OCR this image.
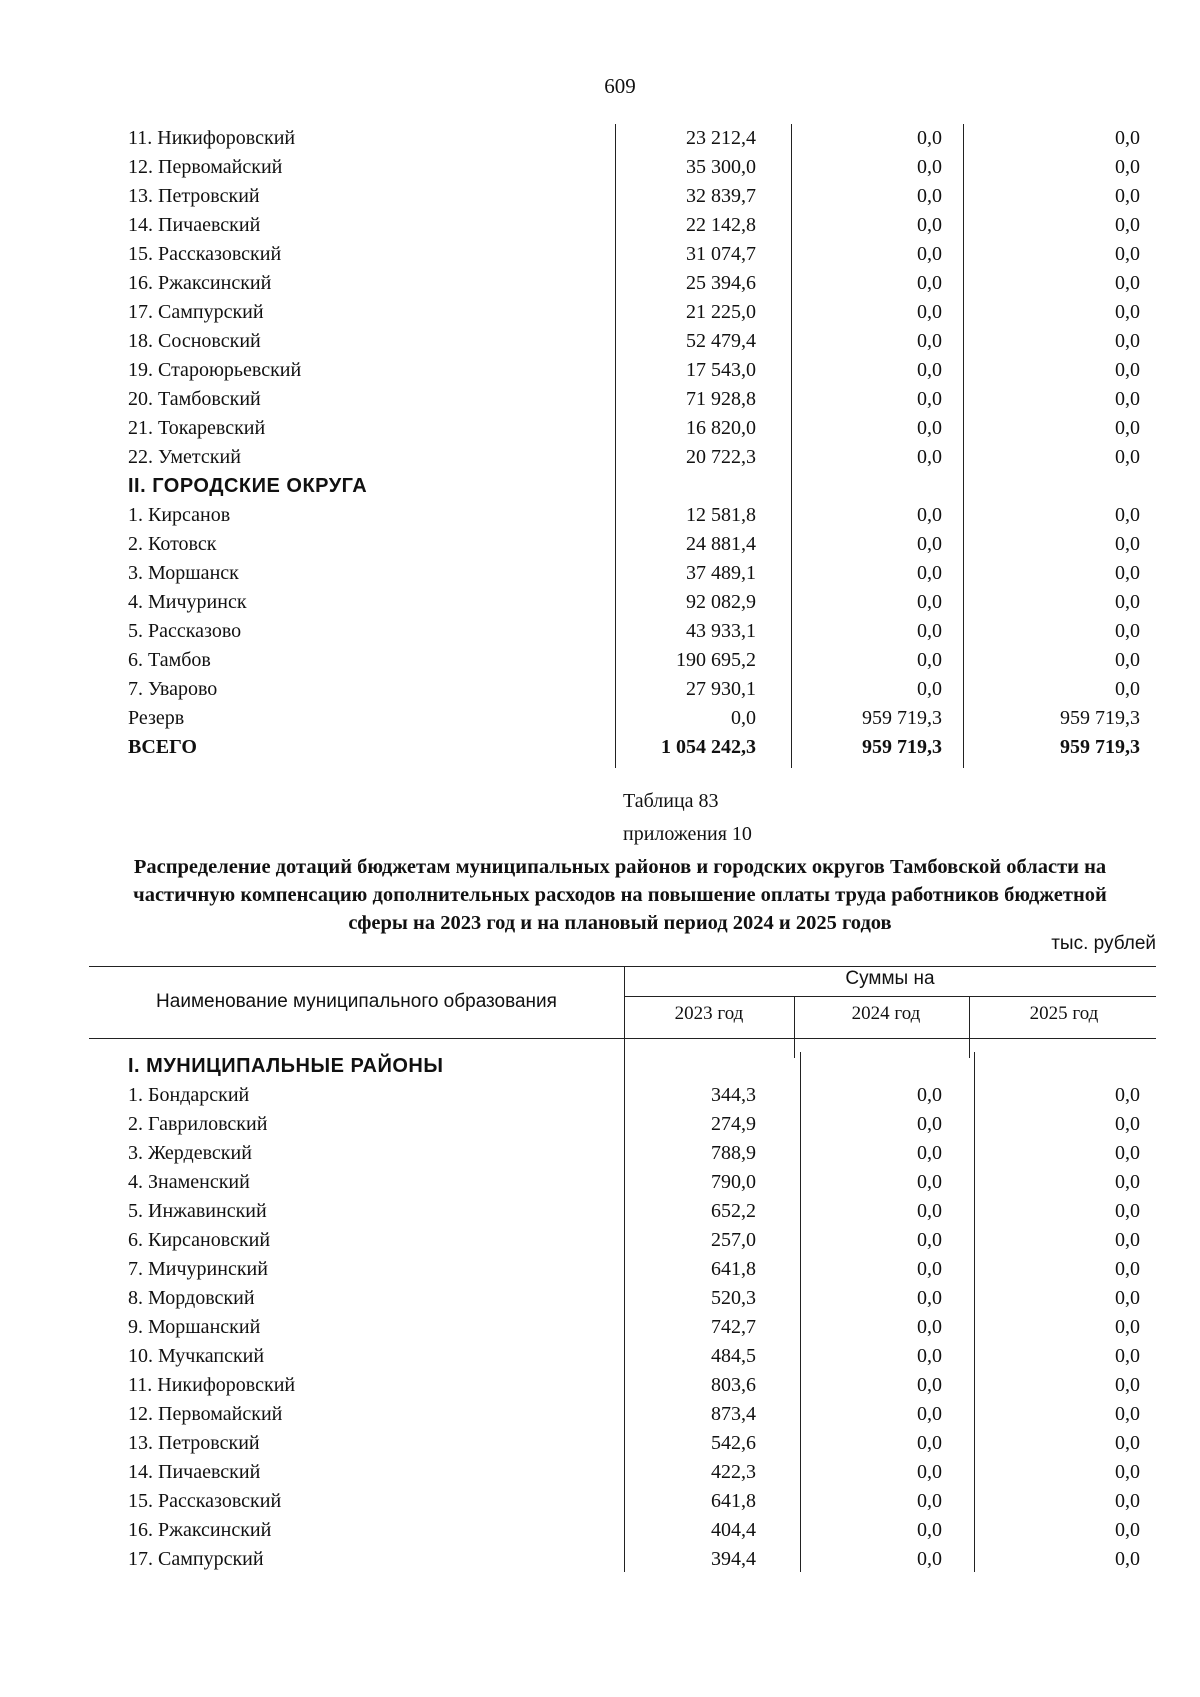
609
11. Никифоровский	23 212,4	0,0	0,0
12. Первомайский	35 300,0	0,0	0,0
13. Петровский	32 839,7	0,0	0,0
14. Пичаевский	22 142,8	0,0	0,0
15. Рассказовский	31 074,7	0,0	0,0
16. Ржаксинский	25 394,6	0,0	0,0
17. Сампурский	21 225,0	0,0	0,0
18. Сосновский	52 479,4	0,0	0,0
19. Староюрьевский	17 543,0	0,0	0,0
20. Тамбовский	71 928,8	0,0	0,0
21. Токаревский	16 820,0	0,0	0,0
22. Уметский	20 722,3	0,0	0,0
II. ГОРОДСКИЕ ОКРУГА
1. Кирсанов	12 581,8	0,0	0,0
2. Котовск	24 881,4	0,0	0,0
3. Моршанск	37 489,1	0,0	0,0
4. Мичуринск	92 082,9	0,0	0,0
5. Рассказово	43 933,1	0,0	0,0
6. Тамбов	190 695,2	0,0	0,0
7. Уварово	27 930,1	0,0	0,0
Резерв	0,0	959 719,3	959 719,3
ВСЕГО	1 054 242,3	959 719,3	959 719,3
Таблица 83
приложения 10
Распределение дотаций бюджетам муниципальных районов и городских округов Тамбовской области на частичную компенсацию дополнительных расходов на повышение оплаты труда работников бюджетной сферы на 2023 год и на плановый период 2024 и 2025 годов
тыс. рублей
Наименование муниципального образования
Суммы на
2023 год	2024 год	2025 год
I. МУНИЦИПАЛЬНЫЕ РАЙОНЫ
1. Бондарский	344,3	0,0	0,0
2. Гавриловский	274,9	0,0	0,0
3. Жердевский	788,9	0,0	0,0
4. Знаменский	790,0	0,0	0,0
5. Инжавинский	652,2	0,0	0,0
6. Кирсановский	257,0	0,0	0,0
7. Мичуринский	641,8	0,0	0,0
8. Мордовский	520,3	0,0	0,0
9. Моршанский	742,7	0,0	0,0
10. Мучкапский	484,5	0,0	0,0
11. Никифоровский	803,6	0,0	0,0
12. Первомайский	873,4	0,0	0,0
13. Петровский	542,6	0,0	0,0
14. Пичаевский	422,3	0,0	0,0
15. Рассказовский	641,8	0,0	0,0
16. Ржаксинский	404,4	0,0	0,0
17. Сампурский	394,4	0,0	0,0
